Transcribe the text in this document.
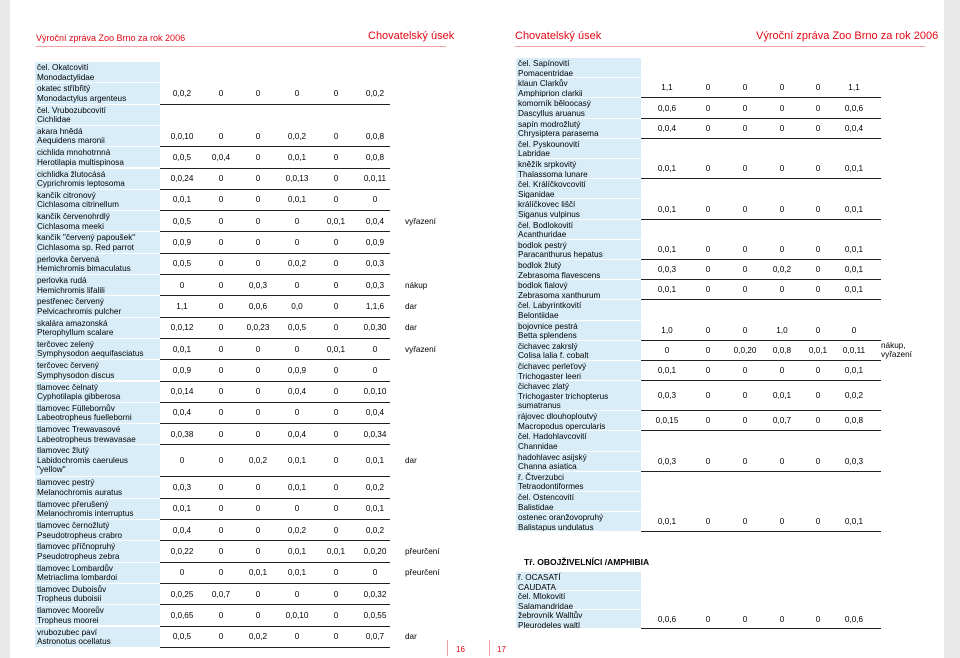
Výroční zpráva Zoo Brno za rok 2006	Chovatelský úsek	Chovatelský úsek	Výroční zpráva Zoo Brno za rok 2006
čel. Okatcovití
Monodactylidae
okatec stříbřitý
Monodactylus argenteus
0,0,2	0	0	0	0	0,0,2
čel. Vrubozubcovití
Cichlidae
akara hnědá
Aequidens maronii
0,0,10	0	0	0,0,2	0	0,0,8
cichlida mnohotrnná
Herotilapia multispinosa
0,0,5	0,0,4	0	0,0,1	0	0,0,8
cichlidka žlutocásá
Cyprichromis leptosoma
0,0,24	0	0	0,0,13	0	0,0,11
kančík citronový
Cichlasoma citrinellum
0,0,1	0	0	0,0,1	0	0
kančík červenohrdlý
Cichlasoma meeki
0,0,5	0	0	0	0,0,1	0,0,4	vyřazení
kančík "červený papoušek"
Cichlasoma sp. Red parrot
0,0,9	0	0	0	0	0,0,9
perlovka červená
Hemichromis bimaculatus
0,0,5	0	0	0,0,2	0	0,0,3
perlovka rudá
Hemichromis lifalili
0	0	0,0,3	0	0	0,0,3	nákup
pestřenec červený
Pelvicachromis pulcher
1,1	0	0,0,6	0,0	0	1,1,6	dar
skalára amazonská
Pterophyllum scalare
0,0,12	0	0,0,23	0,0,5	0	0,0,30	dar
terčovec zelený
Symphysodon aequifasciatus
0,0,1	0	0	0	0,0,1	0	vyřazení
terčovec červený
Symphysodon discus
0,0,9	0	0	0,0,9	0	0
tlamovec čelnatý
Cyphotilapia gibberosa
0,0,14	0	0	0,0,4	0	0,0,10
tlamovec Füllebornův
Labeotropheus fuelleborni
0,0,4	0	0	0	0	0,0,4
tlamovec Trewavasové
Labeotropheus trewavasae
0,0,38	0	0	0,0,4	0	0,0,34
tlamovec žlutý
Labidochromis caeruleus
"yellow"
0	0	0,0,2	0,0,1	0	0,0,1	dar
tlamovec pestrý
Melanochromis auratus
0,0,3	0	0	0,0,1	0	0,0,2
tlamovec přerušený
Melanochromis interruptus
0,0,1	0	0	0	0	0,0,1
tlamovec černožlutý
Pseudotropheus crabro
0,0,4	0	0	0,0,2	0	0,0,2
tlamovec příčnopruhý
Pseudotropheus zebra
0,0,22	0	0	0,0,1	0,0,1	0,0,20	přeurčení
tlamovec Lombardův
Metriaclima lombardoi
0	0	0,0,1	0,0,1	0	0	přeurčení
tlamovec Duboisův
Tropheus duboisii
0,0,25	0,0,7	0	0	0	0,0,32
tlamovec Mooreův
Tropheus moorei
0,0,65	0	0	0,0,10	0	0,0,55
vrubozubec paví
Astronotus ocellatus
0,0,5	0	0,0,2	0	0	0,0,7	dar
čel. Sapínovití
Pomacentridae
klaun Clarkův
Amphiprion clarkii
1,1	0	0	0	0	1,1
komorník běloocasý
Dascyllus aruanus
0,0,6	0	0	0	0	0,0,6
sapín modrožlutý
Chrysiptera parasema
0,0,4	0	0	0	0	0,0,4
čel. Pyskounovití
Labridae
kněžík srpkovitý
Thalassoma lunare
0,0,1	0	0	0	0	0,0,1
čel. Králíčkovcovití
Siganidae
králíčkovec liščí
Siganus vulpinus
0,0,1	0	0	0	0	0,0,1
čel. Bodlokovití
Acanthuridae
bodlok pestrý
Paracanthurus hepatus
0,0,1	0	0	0	0	0,0,1
bodlok žlutý
Zebrasoma flavescens
0,0,3	0	0	0,0,2	0	0,0,1
bodlok fialový
Zebrasoma xanthurum
0,0,1	0	0	0	0	0,0,1
čel. Labyrintkovití
Belontiidae
bojovnice pestrá
Betta splendens
1,0	0	0	1,0	0	0
čichavec zakrslý
Colisa lalia f. cobalt
0	0	0,0,20	0,0,8	0,0,1	0,0,11
nákup,
vyřazení
čichavec perleťový
Trichogaster leeri
0,0,1	0	0	0	0	0,0,1
čichavec zlatý
Trichogaster trichopterus
sumatranus
0,0,3	0	0	0,0,1	0	0,0,2
rájovec dlouhoploutvý
Macropodus opercularis
0,0,15	0	0	0,0,7	0	0,0,8
čel. Hadohlavcovití
Channidae
hadohlavec asijský
Channa asiatica
0,0,3	0	0	0	0	0,0,3
ř. Čtverzubci
Tetraodontiformes
čel. Ostencovití
Balistidae
ostenec oranžovopruhý
Balistapus undulatus
0,0,1	0	0	0	0	0,0,1
Tř. OBOJŽIVELNÍCI /AMPHIBIA
ř. OCASATÍ
CAUDATA
čel. Mlokovití
Salamandridae
žebrovník Walltův
Pleurodeles waltl
0,0,6	0	0	0	0	0,0,6
16	17
